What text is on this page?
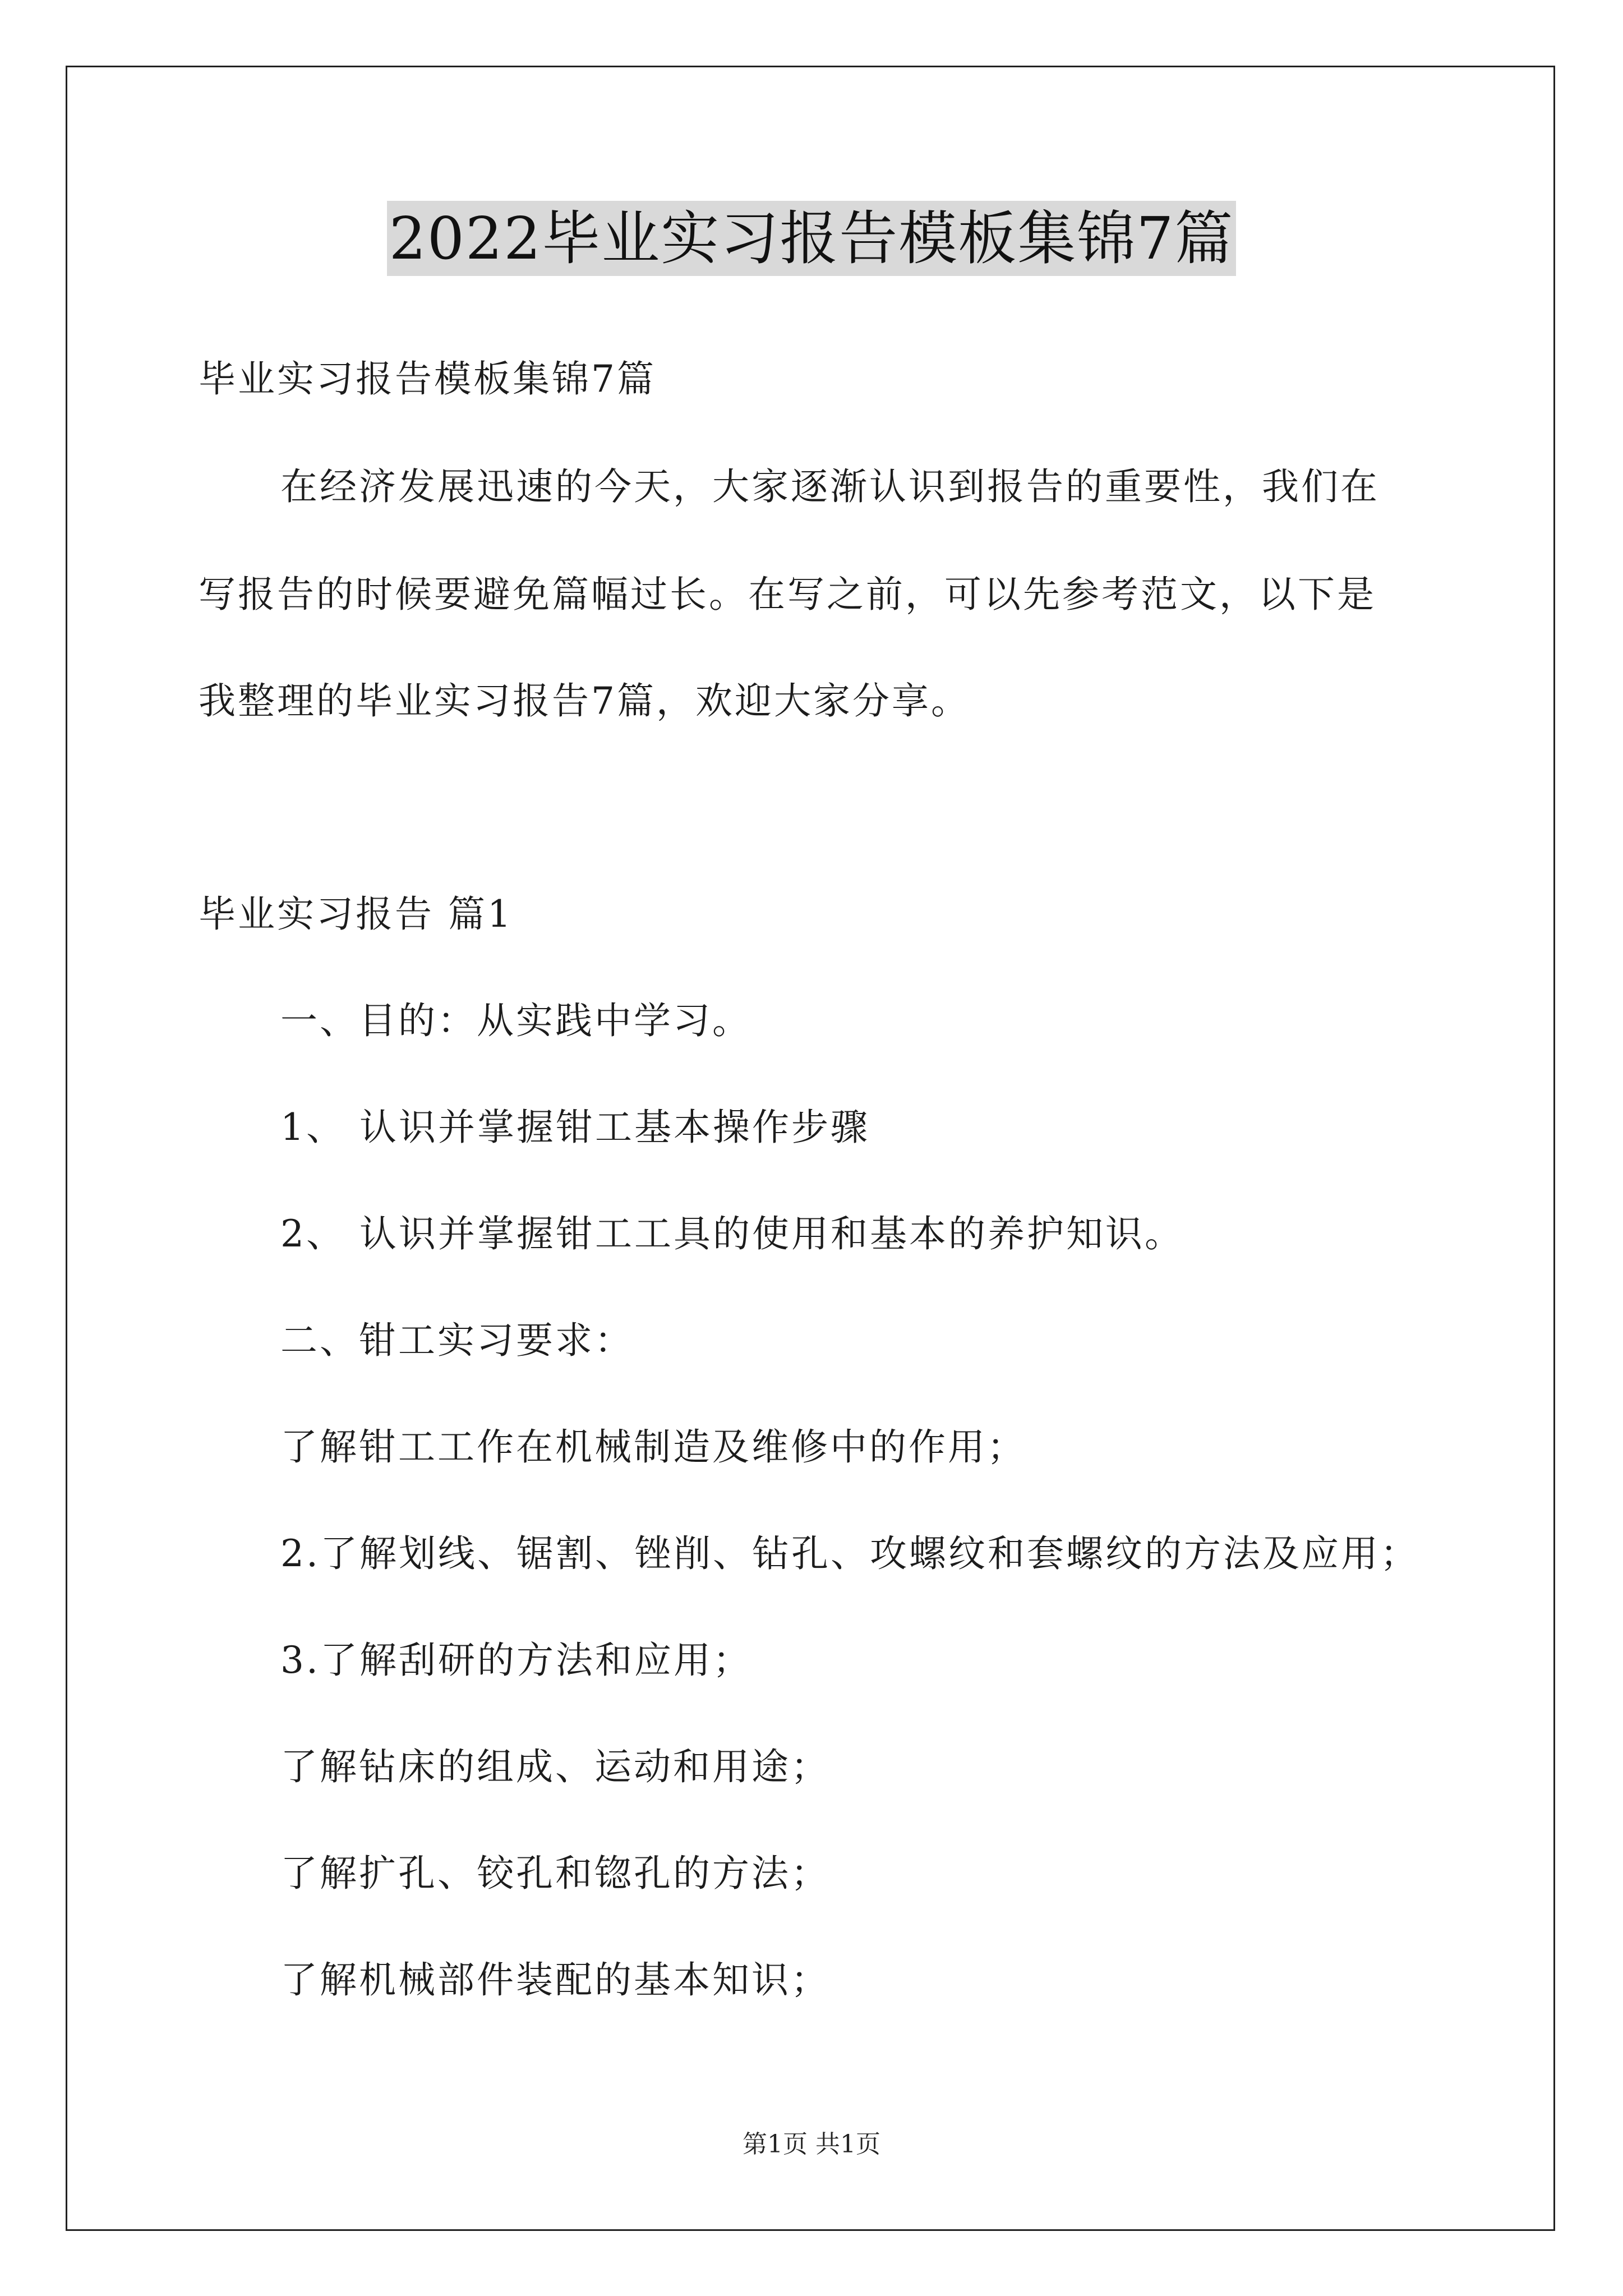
2022毕业实习报告模板集锦7篇
毕业实习报告模板集锦7篇
在经济发展迅速的今天，大家逐渐认识到报告的重要性，我们在
写报告的时候要避免篇幅过长。在写之前，可以先参考范文，以下是
我整理的毕业实习报告7篇，欢迎大家分享。
毕业实习报告 篇1
一、目的：从实践中学习。
1、 认识并掌握钳工基本操作步骤
2、 认识并掌握钳工工具的使用和基本的养护知识。
二、钳工实习要求：
了解钳工工作在机械制造及维修中的作用；
2.了解划线、锯割、锉削、钻孔、攻螺纹和套螺纹的方法及应用；
3.了解刮研的方法和应用；
了解钻床的组成、运动和用途；
了解扩孔、铰孔和锪孔的方法；
了解机械部件装配的基本知识；
第1页 共1页
